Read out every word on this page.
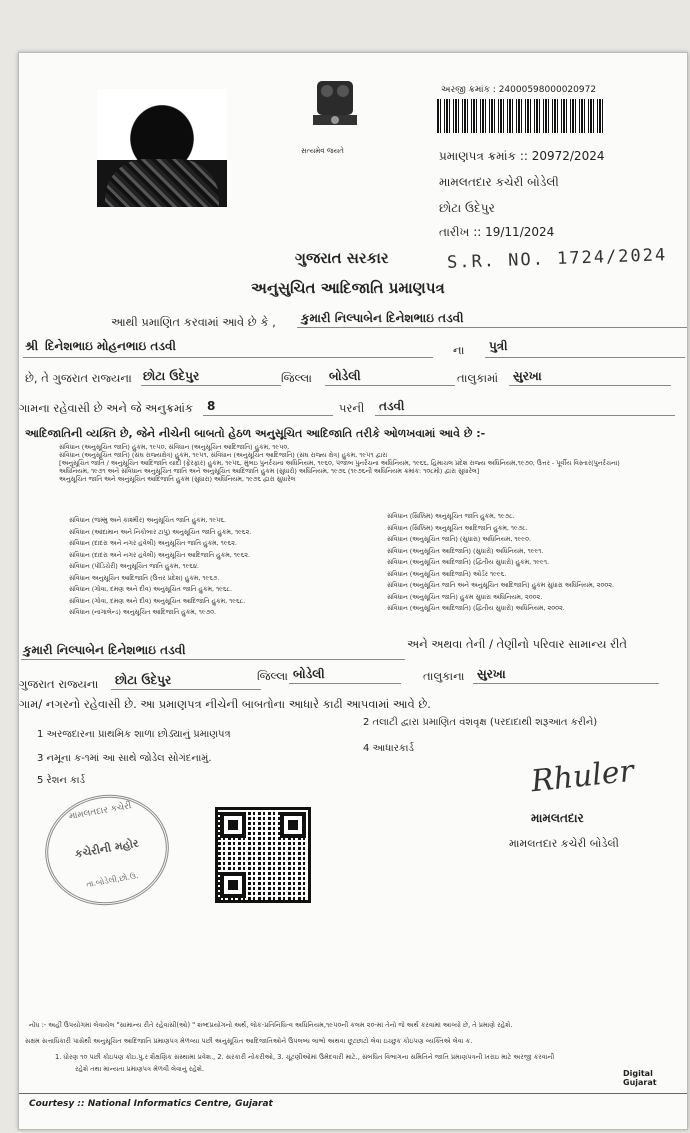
સત્યમેવ જયતે
અરજી ક્રમાંક : 24000598000020972
પ્રમાણપત્ર ક્રમાંક :: 20972/2024
મામલતદાર કચેરી બોડેલી
છોટા ઉદેપુર
તારીખ :: 19/11/2024
S.R. NO. 1724/2024
ગુજરાત સરકાર
અનુસુચિત આદિજાતિ પ્રમાણપત્ર
આથી પ્રમાણિત કરવામાં આવે છે કે , કુમારી નિલ્પાબેન દિનેશભાઇ તડવી
શ્રી દિનેશભાઇ મોહનભાઇ તડવી	ના પુત્રી
છે, તે ગુજરાત રાજ્યના છોટા ઉદેપુર	જિલ્લા બોડેલી	તાલુકામાં સુરખા
ગામના રહેવાસી છે અને જે અનુક્રમાંક 8	પરની તડવી
આદિજાતિની વ્યક્તિ છે, જેને નીચેની બાબતો હેઠળ અનુસૂચિત આદિજાતિ તરીકે ઓળખવામાં આવે છે :-
સંવિધાન (અનુસૂચિત જાતિ) હુકમ, ૧૯૫૦, સંવિધાન (અનુસૂચિત આદિજાતિ) હુકમ, ૧૯૫૦,
સંવિધાન (અનુસૂચિત જાતિ) (સંઘ રાજ્યક્ષેત્ર) હુકમ, ૧૯૫૧, સંવિધાન (અનુસૂચિત આદિજાતિ) (સંઘ રાજ્ય ક્ષેત્ર) હુકમ, ૧૯૫૧ દ્વારા
[અનુસૂચિત જાતિ / અનુસૂચિત આદિજાતિ યાદી (ફેરફાર) હુકમ, ૧૯૫૬, મુંબઇ પુનર્રચના અધિનિયમ, ૧૯૬૦, પંજાબ પુનર્રચના અધિનિયમ, ૧૯૬૬, હિમાચલ પ્રદેશ રાજ્ય અધિનિયમ,૧૯૭૦, ઉત્તર - પૂર્વીય વિસ્તાર(પુનર્રચના)
અધિનિયમ, ૧૯૭૧ અને સંવિધાન અનુસૂચિત જાતિ અને અનુસૂચિત આદિજાતિ હુકમ (સુધારો) અધિનિયમ, ૧૯૭૬ (૧૯૭૬ની અધિનિયમ ક્રમાંક: ૧૦૮મો) દ્વારા સુધારેલ]
અનુસૂચિત જાતિ અને અનુસૂચિત આદિજાતિ હુકમ (સુધારા) અધિનિયમ, ૧૯૭૬ દ્વારા સુધારેલ
સંવિધાન (જમ્મુ અને કાશ્મીર) અનુસૂચિત જાતિ હુકમ, ૧૯૫૬.
સંવિધાન (આંદામાન અને નિકોબાર ટાપુ) અનુસૂચિત જાતિ હુકમ, ૧૯૬૨.
સંવિધાન (દાદરા અને નગર હવેલી) અનુસૂચિત જાતિ હુકમ, ૧૯૬૨.
સંવિધાન (દાદરા અને નગર હવેલી) અનુસૂચિત આદિજાતિ હુકમ, ૧૯૬૨.
સંવિધાન (પોંડિચેરી) અનુસૂચિત જાતિ હુકમ, ૧૯૬૪.
સંવિધાન અનુસૂચિત આદિજાતિ (ઉત્તર પ્રદેશ) હુકમ, ૧૯૬૭.
સંવિધાન (ગોવા, દમણ અને દીવ) અનુસૂચિત જાતિ હુકમ, ૧૯૬૮.
સંવિધાન (ગોવા, દમણ અને દીવ) અનુસૂચિત આદિજાતિ હુકમ, ૧૯૬૮.
સંવિધાન (નાગાલેન્ડ) અનુસૂચિત આદિજાતિ હુકમ, ૧૯૭૦.
સંવિધાન (સિક્કિમ) અનુસૂચિત જાતિ હુકમ, ૧૯૭૮.
સંવિધાન (સિક્કિમ) અનુસૂચિત આદિજાતિ હુકમ, ૧૯૭૮.
સંવિધાન (અનુસૂચિત જાતિ) (સુધારા) અધિનિયમ, ૧૯૯૦.
સંવિધાન (અનુસૂચિત આદિજાતિ) (સુધારો) અધિનિયમ, ૧૯૯૧.
સંવિધાન (અનુસૂચિત આદિજાતિ) (દ્વિતીય સુધારો) હુકમ, ૧૯૯૧.
સંવિધાન (અનુસૂચિત આદિજાતિ) ઓર્ડર ૧૯૯૬.
સંવિધાન (અનુસૂચિત જાતિ અને અનુસૂચિત આદિજાતિ) હુકમ સુધારા અધિનિયમ, ૨૦૦૨.
સંવિધાન (અનુસૂચિત જાતિ) હુકમ સુધારા અધિનિયમ, ૨૦૦૨.
સંવિધાન (અનુસૂચિત આદિજાતિ) (દ્વિતીય સુધારો) અધિનિયમ, ૨૦૦૨.
કુમારી નિલ્પાબેન દિનેશભાઇ તડવી	અને અથવા તેની / તેણીનો પરિવાર સામાન્ય રીતે
ગુજરાત રાજ્યના છોટા ઉદેપુર	જિલ્લા બોડેલી	તાલુકાના સુરખા
ગામ/ નગરનો રહેવાસી છે. આ પ્રમાણપત્ર નીચેની બાબતોના આધારે કાઢી આપવામાં આવે છે.
1 અરજદારના પ્રાથમિક શાળા છોડ્યાનું પ્રમાણપત્ર
2 તલાટી દ્વારા પ્રમાણિત વંશવૃક્ષ (પરદાદાથી શરૂઆત કરીને)
3 નમૂના ક-૧માં આ સાથે જોડેલ સોગંદનામું.
4 આધારકાર્ડ
5 રેશન કાર્ડ
મામલતદાર કચેરી
કચેરીની મહોર
તા.બોડેલી,છો.ઉ.
Rhuler
મામલતદાર
મામલતદાર કચેરી બોડેલી
નોંધ :- અહીં ઉપયોગમાં લેવાયેલ "સામાન્ય રીતે રહેવાસી(ઓ) " શબ્દપ્રયોગનો અર્થ, લોક-પ્રતિનિધિત્વ અધિનિયમ,૧૯૫૦ની કલમ ૨૦-માં તેનો જે અર્થ કરવામાં આવ્યો છે, તે પ્રમાણે રહેશે.
સક્ષમ સત્તાધિકારી પાસેથી અનુસૂચિત આદિજાતિ પ્રમાણપત્ર મેળવ્યા પછી અનુસૂચિત આદિજાતિઓને ઉપલબ્ધ લાભો અથવા છૂટછાટો લેવા ઇચ્છુક કોઇપણ વ્યક્તિએ લેવા ક.
1. ધોરણ ૧૦ પછી કોઇપણ કોઇ.પુ.ર શૈક્ષણિક સંસ્થામાં પ્રવેશ., 2. સરકારી નોકરીઓ, 3. ચૂંટણીઓમાં ઉમેદવારી માટે., સંબંધિત વિભાગના સમિતિને જાતિ પ્રમાણપત્રની ખરાઇ માટે અરજી કરવાની
રહેશે તથા માન્યતા પ્રમાણપત્ર મેળવી લેવાનું રહેશે.	Digital Gujarat
Courtesy :: National Informatics Centre, Gujarat
